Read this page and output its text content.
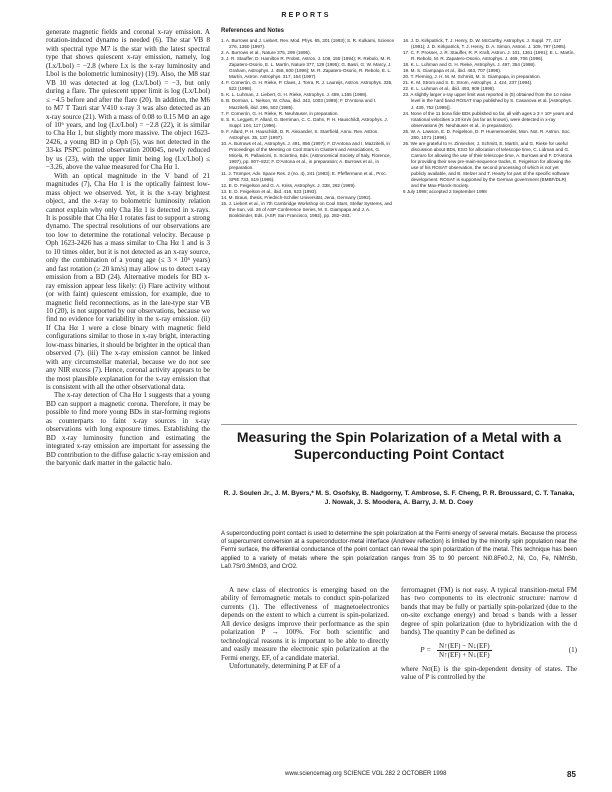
REPORTS

generate magnetic fields and coronal x-ray emission. A rotation-induced dynamo is needed (6). The star VB 8 with spectral type M7 is the star with the latest spectral type that shows quiescent x-ray emission, namely, log (Lx/Lbol) = −2.8 (where Lx is the x-ray luminosity and Lbol is the bolometric luminosity) (19). Also, the M8 star VB 10 was detected at log (Lx/Lbol) = −3, but only during a flare. The quiescent upper limit is log (Lx/Lbol) ≤ −4.5 before and after the flare (20). In addition, the M6 to M7 T Tauri star V410 x-ray 3 was also detected as an x-ray source (21). With a mass of 0.08 to 0.15 M⊙ an age of 10⁶ years, and log (Lx/Lbol) = −2.8 (22), it is similar to Cha Hα 1, but slightly more massive. The object 1623-2426, a young BD in ρ Oph (5), was not detected in the 33-ks PSPC pointed observation 200045, newly reduced by us (23), with the upper limit being log (Lx/Lbol) ≤ −3.26, above the value measured for Cha Hα 1.

With an optical magnitude in the V band of 21 magnitudes (7), Cha Hα 1 is the optically faintest low-mass object we observed. Yet, it is the x-ray brightest object, and the x-ray to bolometric luminosity relation cannot explain why only Cha Hα 1 is detected in x-rays. It is possible that Cha Hα 1 rotates fast to support a strong dynamo. The spectral resolutions of our observations are too low to determine the rotational velocity. Because ρ Oph 1623-2426 has a mass similar to Cha Hα 1 and is 3 to 10 times older, but it is not detected as an x-ray source, only the combination of a young age (≤ 3 × 10⁶ years) and fast rotation (≥ 20 km/s) may allow us to detect x-ray emission from a BD (24). Alternative models for BD x-ray emission appear less likely: (i) Flare activity without (or with faint) quiescent emission, for example, due to magnetic field reconnections, as in the late-type star VB 10 (20), is not supported by our observations, because we find no evidence for variability in the x-ray emission. (ii) If Cha Hα 1 were a close binary with magnetic field configurations similar to those in x-ray bright, interacting low-mass binaries, it should be brighter in the optical than observed (7). (iii) The x-ray emission cannot be linked with any circumstellar material, because we do not see any NIR excess (7). Hence, coronal activity appears to be the most plausible explanation for the x-ray emission that is consistent with all the other observational data.

The x-ray detection of Cha Hα 1 suggests that a young BD can support a magnetic corona. Therefore, it may be possible to find more young BDs in star-forming regions as counterparts to faint x-ray sources in x-ray observations with long exposure times. Establishing the BD x-ray luminosity function and estimating the integrated x-ray emission are important for assessing the BD contribution to the diffuse galactic x-ray emission and the baryonic dark matter in the galactic halo.

References and Notes
1. A. Burrows and J. Liebert, Rev. Mod. Phys. 65, 301 (1993); S. R. Kulkarni, Science 276, 1350 (1997).
2. A. Burrows et al., Nature 375, 299 (1995).
3. J. R. Stauffer, D. Hamilton R. Probst, Astron. J. 108, 155 (1994); R. Rebolo, M. R. Zapatero-Osorio, E. L. Martín, Nature 377, 129 (1995); G. Basri, G. W. Marcy, J. Graham, Astrophys. J. 458, 600 (1996); M. R. Zapatero-Osorio, R. Rebolo, E. L. Martín, Astron. Astrophys. 317, 164 (1997).
4. F. Comerón, G. H. Rieke, P. Claes, J. Torra, R. J. Laureijs, Astron. Astrophys. 335, 522 (1998).
5. K. L. Luhman, J. Liebert, G. H. Rieke, Astrophys. J. 489, L165 (1998).
6. B. Dorman, L. Nelson, W. Chau, ibid. 342, 1003 (1989); F. D'Antona and I. Mazzitelli, ibid. 296, 502 (1985).
7. F. Comerón, G. H. Rieke, R. Neuhäuser, in preparation.
8. S. K. Leggett, F. Allard, G. Berriman, C. C. Dahn, P. H. Hauschildt, Astrophys. J. Suppl. 104, 117 (1996).
9. F. Allard, P. H. Hauschildt, D. R. Alexander, S. Starrfield, Annu. Rev. Astron. Astrophys. 35, 137 (1997).
10. A. Burrows et al., Astrophys. J. 491, 856 (1997); F. D'Antona and I. Mazzitelli, in Proceedings of the Meeting on Cool Stars in Clusters and Associations, G. Micela, R. Pallavicini, S. Sciortino, Eds. (Astronomical Society of Italy, Florence, 1997), pp. 807–822; F. D'Antona et al., in preparation; A. Burrows et al., in preparation.
11. J. Trümper, Adv. Space Res. 2 (no. 4), 241 (1983); E. Pfeffermann et al., Proc. SPIE 733, 519 (1986).
12. E. D. Feigelson and G. A. Kriss, Astrophys. J. 338, 262 (1989).
13. E. D. Feigelson et al., ibid. 416, 623 (1993).
14. M. Braun, thesis, Friedrich-Schiller Universität, Jena, Germany (1992).
15. J. Liebert et al., in 7th Cambridge Workshop on Cool Stars, Stellar Systems, and the Sun, vol. 26 of ASP Conference Series, M. S. Giampapa and J. A. Bookbinder, Eds. (ASP, San Francisco, 1992), pp. 282–283.
16. J. D. Kirkpatrick, T. J. Henry, D. W. McCarthy, Astrophys. J. Suppl. 77, 417 (1991); J. D. Kirkpatrick, T. J. Henry, D. A. Simon, Astron. J. 109, 797 (1995).
17. C. F. Prosser, J. R. Stauffer, R. P. Kraft, Astron. J. 101, 1361 (1991); E. L. Martín, R. Rebolo, M. R. Zapatero-Osorio, Astrophys. J. 469, 706 (1996).
18. K. L. Luhman and G. H. Rieke, Astrophys. J. 497, 354 (1998).
19. M. S. Giampapa et al., ibid. 463, 707 (1996).
20. T. Fleming, J. H. M. M. Schmitt, M. S. Giampapa, in preparation.
21. K. M. Strom and S. E. Strom, Astrophys. J. 424, 237 (1994).
22. K. L. Luhman et al., ibid. 493, 909 (1998).
23. A slightly larger x-ray upper limit was reported in (5) obtained from the 1σ noise level in the hard band ROSAT map published by S. Casanova et al. [Astrophys. J. 439, 752 (1995)].
24. None of the 11 bona fide BDs published so far, all with ages ≥ 3 × 10⁶ years and rotational velocities ≥ 20 km/s (as far as known), were detected in x-ray observations (R. Neuhäuser et al., in preparation).
25. W. A. Lawson, E. D. Feigelson, D. P. Huenemoerder, Mon. Not. R. Astron. Soc. 280, 1071 (1996).
26. We are grateful to H. Zinnecker, J. Schmitt, E. Martín, and G. Rieke for useful discussion about BDs, ESO for allocation of telescope time, C. Lidman and G. Carraro for allowing the use of their telescope time, A. Burrows and F. D'Antona for providing their new pre-main-sequence tracks, E. Feigelson for allowing the use of his ROSAT observation, the second processing of which is not yet publicly available, and B. Stelzer and T. Hearty for part of the specific software development. ROSAT is supported by the German government (BMBF/DLR) and the Max-Planck-Society.
6 July 1998; accepted 2 September 1998
Measuring the Spin Polarization of a Metal with a Superconducting Point Contact
R. J. Soulen Jr., J. M. Byers,* M. S. Osofsky, B. Nadgorny, T. Ambrose, S. F. Cheng, P. R. Broussard, C. T. Tanaka, J. Nowak, J. S. Moodera, A. Barry, J. M. D. Coey
A superconducting point contact is used to determine the spin polarization at the Fermi energy of several metals. Because the process of supercurrent conversion at a superconductor-metal interface (Andreev reflection) is limited by the minority spin population near the Fermi surface, the differential conductance of the point contact can reveal the spin polarization of the metal. This technique has been applied to a variety of metals where the spin polarization ranges from 35 to 90 percent: Ni0.8Fe0.2, Ni, Co, Fe, NiMnSb, La0.7Sr0.3MnO3, and CrO2.

A new class of electronics is emerging based on the ability of ferromagnetic metals to conduct spin-polarized currents (1). The effectiveness of magnetoelectronics depends on the extent to which a current is spin-polarized. All device designs improve their performance as the spin polarization P → 100%. For both scientific and technological reasons it is important to be able to directly and easily measure the electronic spin polarization at the Fermi energy, EF, of a candidate material.

Unfortunately, determining P at EF of a

ferromagnet (FM) is not easy. A typical transition-metal FM has two components to its electronic structure: narrow d bands that may be fully or partially spin-polarized (due to the on-site exchange energy) and broad s bands with a lesser degree of spin polarization (due to hybridization with the d bands). The quantity P can be defined as

$P = \frac{N↑(EF) - N↓(EF)}{N↑(EF) + N↓(EF)}$	(1)

where Nσ(E) is the spin-dependent density of states. The value of P is controlled by the

www.sciencemag.org SCIENCE VOL 282 2 OCTOBER 1998	85
